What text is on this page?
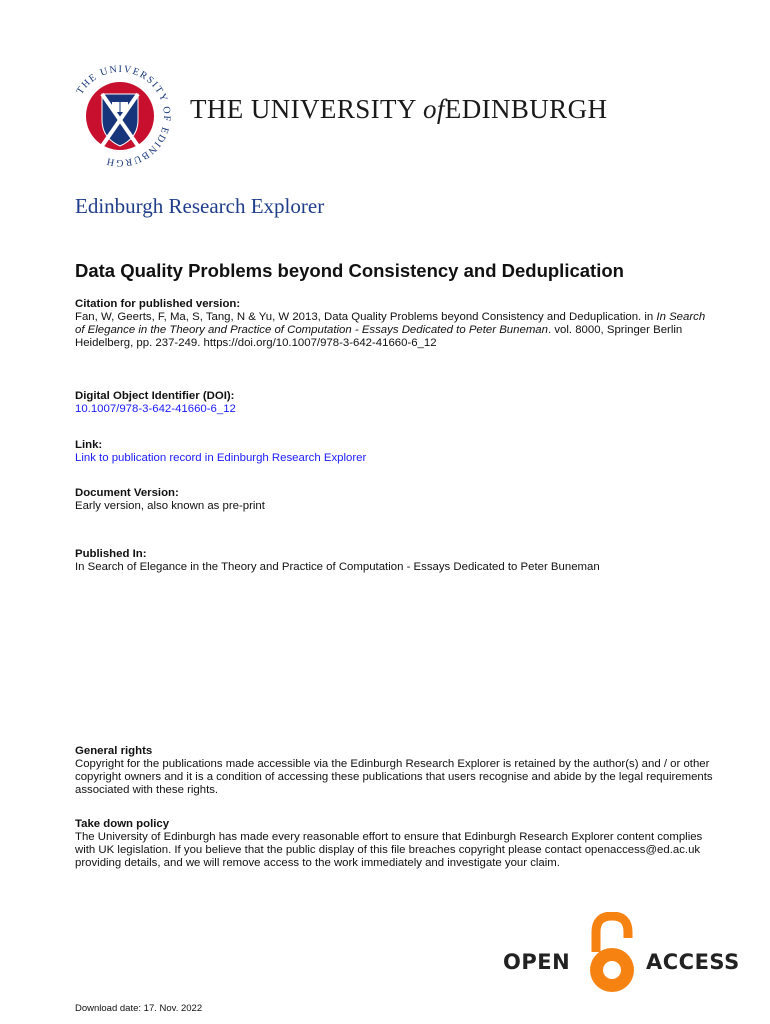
THE UNIVERSITY OF EDINBURGH
THE UNIVERSITY ofEDINBURGH
Edinburgh Research Explorer
Data Quality Problems beyond Consistency and Deduplication
Citation for published version:
Fan, W, Geerts, F, Ma, S, Tang, N & Yu, W 2013, Data Quality Problems beyond Consistency and Deduplication. in In Search of Elegance in the Theory and Practice of Computation - Essays Dedicated to Peter Buneman. vol. 8000, Springer Berlin Heidelberg, pp. 237-249. https://doi.org/10.1007/978-3-642-41660-6_12
Digital Object Identifier (DOI):
10.1007/978-3-642-41660-6_12
Link:
Link to publication record in Edinburgh Research Explorer
Document Version:
Early version, also known as pre-print
Published In:
In Search of Elegance in the Theory and Practice of Computation - Essays Dedicated to Peter Buneman
General rights
Copyright for the publications made accessible via the Edinburgh Research Explorer is retained by the author(s) and / or other copyright owners and it is a condition of accessing these publications that users recognise and abide by the legal requirements associated with these rights.
Take down policy
The University of Edinburgh has made every reasonable effort to ensure that Edinburgh Research Explorer content complies with UK legislation. If you believe that the public display of this file breaches copyright please contact openaccess@ed.ac.uk providing details, and we will remove access to the work immediately and investigate your claim.
OPEN	ACCESS
Download date: 17. Nov. 2022
